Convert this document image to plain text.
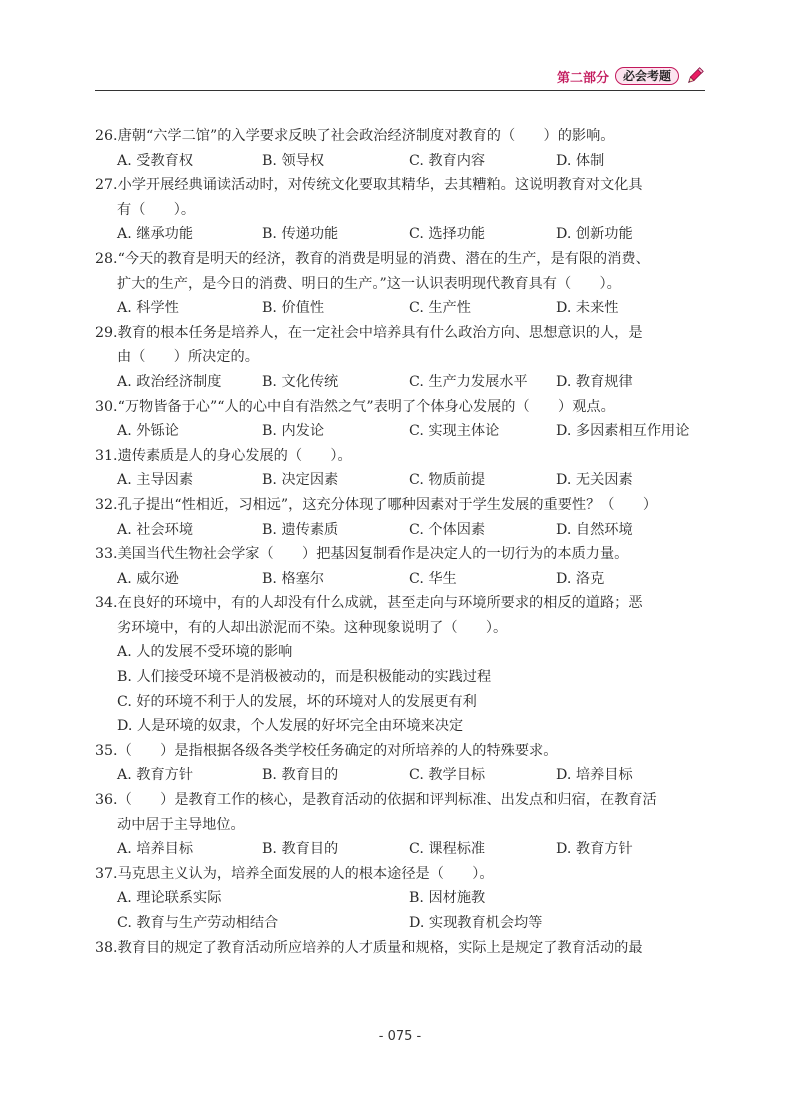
第二部分	必会考题
26.唐朝“六学二馆”的入学要求反映了社会政治经济制度对教育的（　　）的影响。
A. 受教育权	B. 领导权	C. 教育内容	D. 体制
27.小学开展经典诵读活动时，对传统文化要取其精华，去其糟粕。这说明教育对文化具
有（　　）。
A. 继承功能	B. 传递功能	C. 选择功能	D. 创新功能
28.“今天的教育是明天的经济，教育的消费是明显的消费、潜在的生产，是有限的消费、
扩大的生产，是今日的消费、明日的生产。”这一认识表明现代教育具有（　　）。
A. 科学性	B. 价值性	C. 生产性	D. 未来性
29.教育的根本任务是培养人，在一定社会中培养具有什么政治方向、思想意识的人，是
由（　　）所决定的。
A. 政治经济制度	B. 文化传统	C. 生产力发展水平	D. 教育规律
30.“万物皆备于心”“人的心中自有浩然之气”表明了个体身心发展的（　　）观点。
A. 外铄论	B. 内发论	C. 实现主体论	D. 多因素相互作用论
31.遗传素质是人的身心发展的（　　）。
A. 主导因素	B. 决定因素	C. 物质前提	D. 无关因素
32.孔子提出“性相近，习相远”，这充分体现了哪种因素对于学生发展的重要性？（　　）
A. 社会环境	B. 遗传素质	C. 个体因素	D. 自然环境
33.美国当代生物社会学家（　　）把基因复制看作是决定人的一切行为的本质力量。
A. 威尔逊	B. 格塞尔	C. 华生	D. 洛克
34.在良好的环境中，有的人却没有什么成就，甚至走向与环境所要求的相反的道路；恶
劣环境中，有的人却出淤泥而不染。这种现象说明了（　　）。
A. 人的发展不受环境的影响
B. 人们接受环境不是消极被动的，而是积极能动的实践过程
C. 好的环境不利于人的发展，坏的环境对人的发展更有利
D. 人是环境的奴隶，个人发展的好坏完全由环境来决定
35.（　　）是指根据各级各类学校任务确定的对所培养的人的特殊要求。
A. 教育方针	B. 教育目的	C. 教学目标	D. 培养目标
36.（　　）是教育工作的核心，是教育活动的依据和评判标准、出发点和归宿，在教育活
动中居于主导地位。
A. 培养目标	B. 教育目的	C. 课程标准	D. 教育方针
37.马克思主义认为，培养全面发展的人的根本途径是（　　）。
A. 理论联系实际	B. 因材施教
C. 教育与生产劳动相结合	D. 实现教育机会均等
38.教育目的规定了教育活动所应培养的人才质量和规格，实际上是规定了教育活动的最
- 075 -
